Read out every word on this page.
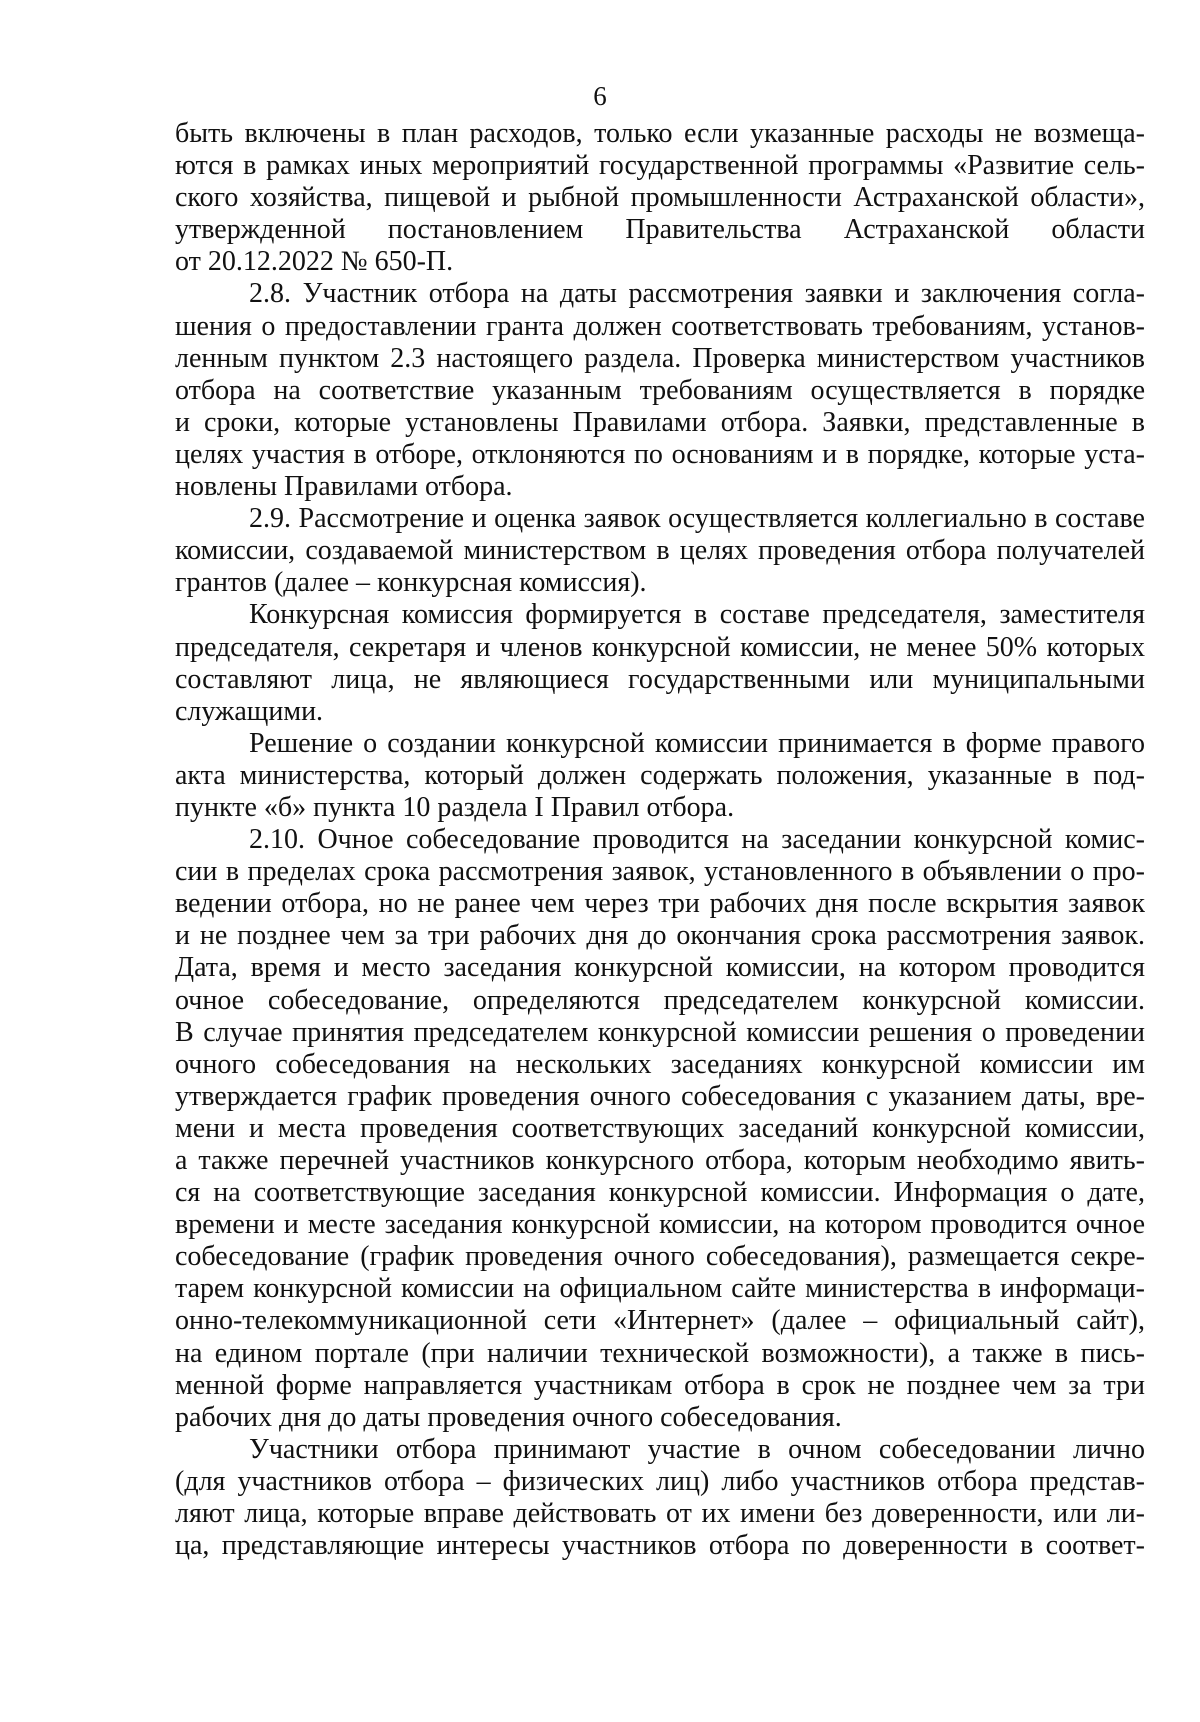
6
быть включены в план расходов, только если указанные расходы не возмеща-
ются в рамках иных мероприятий государственной программы «Развитие сель-
ского хозяйства, пищевой и рыбной промышленности Астраханской области»,
утвержденной постановлением Правительства Астраханской области
от 20.12.2022 № 650-П.
2.8. Участник отбора на даты рассмотрения заявки и заключения согла-
шения о предоставлении гранта должен соответствовать требованиям, установ-
ленным пунктом 2.3 настоящего раздела. Проверка министерством участников
отбора на соответствие указанным требованиям осуществляется в порядке
и сроки, которые установлены Правилами отбора. Заявки, представленные в
целях участия в отборе, отклоняются по основаниям и в порядке, которые уста-
новлены Правилами отбора.
2.9. Рассмотрение и оценка заявок осуществляется коллегиально в составе
комиссии, создаваемой министерством в целях проведения отбора получателей
грантов (далее – конкурсная комиссия).
Конкурсная комиссия формируется в составе председателя, заместителя
председателя, секретаря и членов конкурсной комиссии, не менее 50% которых
составляют лица, не являющиеся государственными или муниципальными
служащими.
Решение о создании конкурсной комиссии принимается в форме правого
акта министерства, который должен содержать положения, указанные в под-
пункте «б» пункта 10 раздела I Правил отбора.
2.10. Очное собеседование проводится на заседании конкурсной комис-
сии в пределах срока рассмотрения заявок, установленного в объявлении о про-
ведении отбора, но не ранее чем через три рабочих дня после вскрытия заявок
и не позднее чем за три рабочих дня до окончания срока рассмотрения заявок.
Дата, время и место заседания конкурсной комиссии, на котором проводится
очное собеседование, определяются председателем конкурсной комиссии.
В случае принятия председателем конкурсной комиссии решения о проведении
очного собеседования на нескольких заседаниях конкурсной комиссии им
утверждается график проведения очного собеседования с указанием даты, вре-
мени и места проведения соответствующих заседаний конкурсной комиссии,
а также перечней участников конкурсного отбора, которым необходимо явить-
ся на соответствующие заседания конкурсной комиссии. Информация о дате,
времени и месте заседания конкурсной комиссии, на котором проводится очное
собеседование (график проведения очного собеседования), размещается секре-
тарем конкурсной комиссии на официальном сайте министерства в информаци-
онно-телекоммуникационной сети «Интернет» (далее – официальный сайт),
на едином портале (при наличии технической возможности), а также в пись-
менной форме направляется участникам отбора в срок не позднее чем за три
рабочих дня до даты проведения очного собеседования.
Участники отбора принимают участие в очном собеседовании лично
(для участников отбора – физических лиц) либо участников отбора представ-
ляют лица, которые вправе действовать от их имени без доверенности, или ли-
ца, представляющие интересы участников отбора по доверенности в соответ-
